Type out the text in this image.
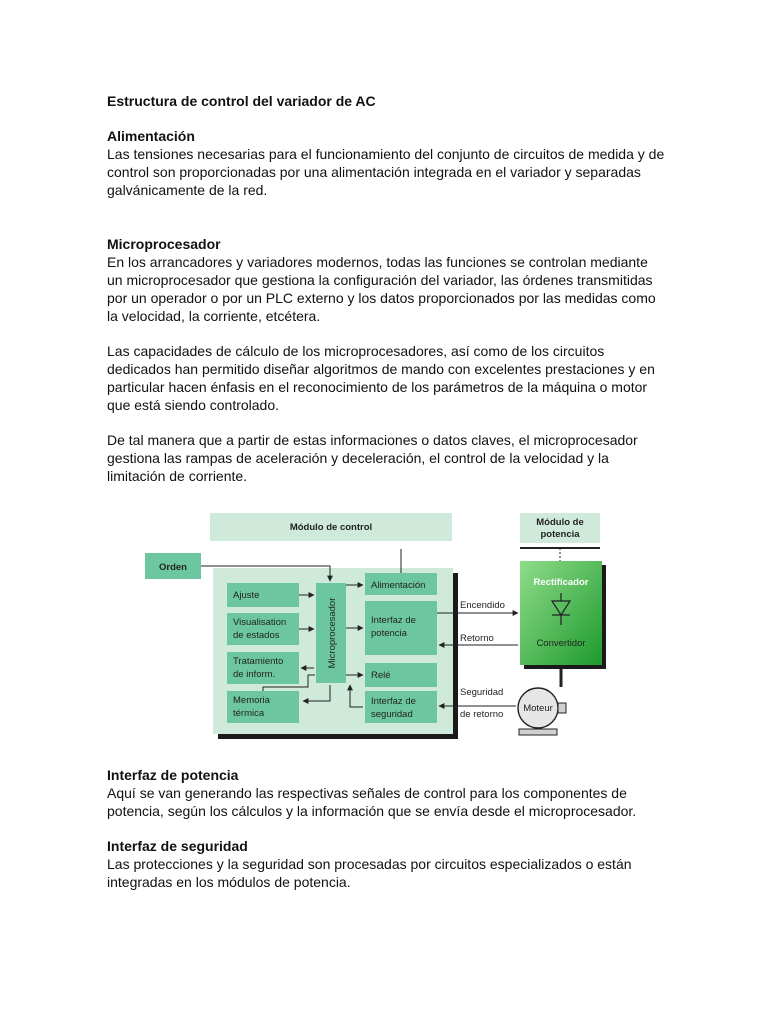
Estructura de control del variador de AC

Alimentación

Las tensiones necesarias para el funcionamiento del conjunto de circuitos de medida y de control son proporcionadas por una alimentación integrada en el variador y separadas galvánicamente de la red.

Microprocesador

En los arrancadores y variadores modernos, todas las funciones se controlan mediante un microprocesador que gestiona la configuración del variador, las órdenes transmitidas por un operador o por un PLC externo y los datos proporcionados por las medidas como la velocidad, la corriente, etcétera.

Las capacidades de cálculo de los microprocesadores, así como de los circuitos dedicados han permitido diseñar algoritmos de mando con excelentes prestaciones y en particular hacen énfasis en el reconocimiento de los parámetros de la máquina o motor que está siendo controlado.

De tal manera que a partir de estas informaciones o datos claves, el microprocesador gestiona las rampas de aceleración y deceleración, el control de la velocidad y la limitación de corriente.

Módulo de control
Orden
Ajuste
Visualisation
de estados
Tratamiento
de inform.
Memoria
térmica
Microprocesador
Alimentación
Interfaz de
potencia
Relé
Interfaz de
seguridad
Módulo de
potencia
Rectificador
Convertidor
Moteur
Encendido
Retorno
Seguridad
de retorno

Interfaz de potencia

Aquí se van generando las respectivas señales de control para los componentes de potencia, según los cálculos y la información que se envía desde el microprocesador.

Interfaz de seguridad

Las protecciones y la seguridad son procesadas por circuitos especializados o están integradas en los módulos de potencia.
